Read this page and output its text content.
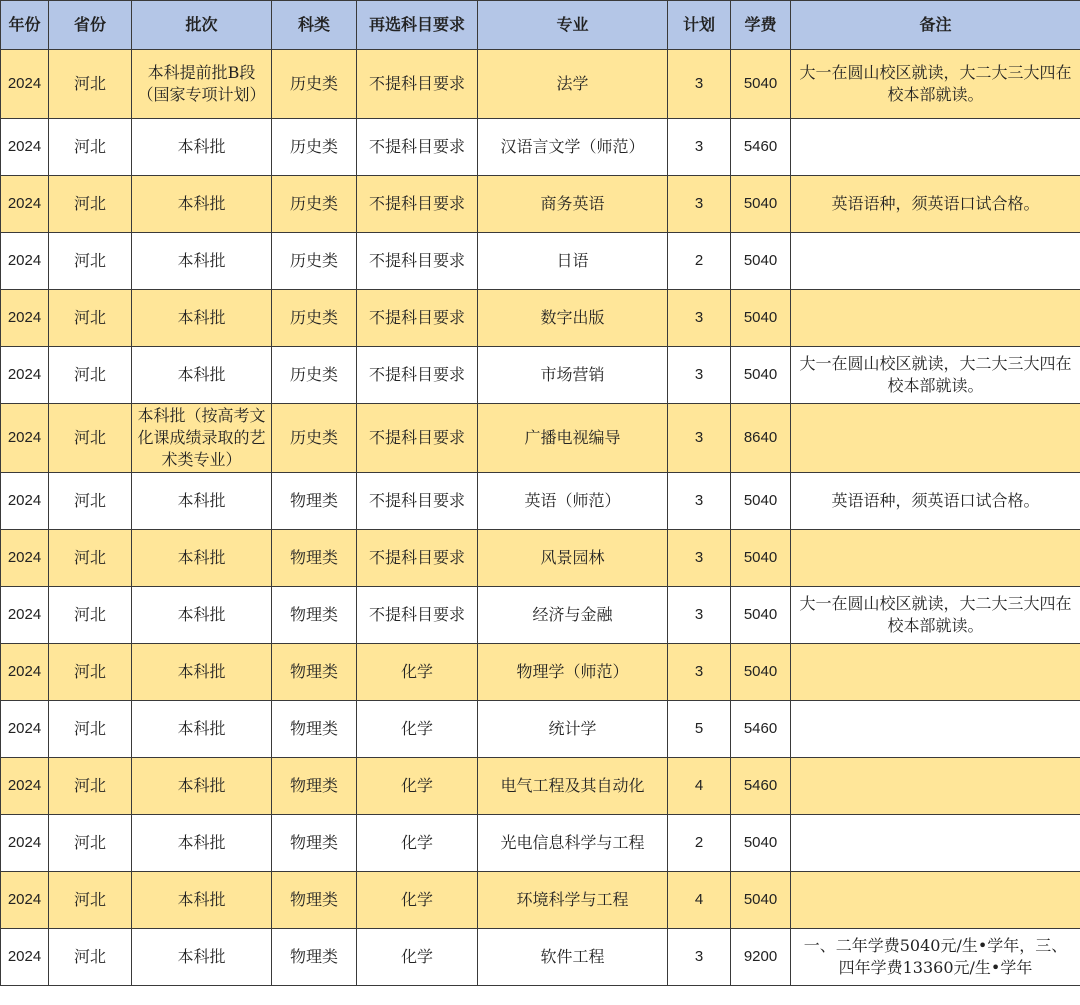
年份	省份	批次	科类	再选科目要求	专业	计划	学费	备注
2024	河北	本科提前批B段（国家专项计划）	历史类	不提科目要求	法学	3	5040	大一在圆山校区就读，大二大三大四在校本部就读。
2024	河北	本科批	历史类	不提科目要求	汉语言文学（师范）	3	5460	
2024	河北	本科批	历史类	不提科目要求	商务英语	3	5040	英语语种，须英语口试合格。
2024	河北	本科批	历史类	不提科目要求	日语	2	5040	
2024	河北	本科批	历史类	不提科目要求	数字出版	3	5040	
2024	河北	本科批	历史类	不提科目要求	市场营销	3	5040	大一在圆山校区就读，大二大三大四在校本部就读。
2024	河北	本科批（按高考文化课成绩录取的艺术类专业）	历史类	不提科目要求	广播电视编导	3	8640	
2024	河北	本科批	物理类	不提科目要求	英语（师范）	3	5040	英语语种，须英语口试合格。
2024	河北	本科批	物理类	不提科目要求	风景园林	3	5040	
2024	河北	本科批	物理类	不提科目要求	经济与金融	3	5040	大一在圆山校区就读，大二大三大四在校本部就读。
2024	河北	本科批	物理类	化学	物理学（师范）	3	5040	
2024	河北	本科批	物理类	化学	统计学	5	5460	
2024	河北	本科批	物理类	化学	电气工程及其自动化	4	5460	
2024	河北	本科批	物理类	化学	光电信息科学与工程	2	5040	
2024	河北	本科批	物理类	化学	环境科学与工程	4	5040	
2024	河北	本科批	物理类	化学	软件工程	3	9200	一、二年学费5040元/生•学年，三、四年学费13360元/生•学年
